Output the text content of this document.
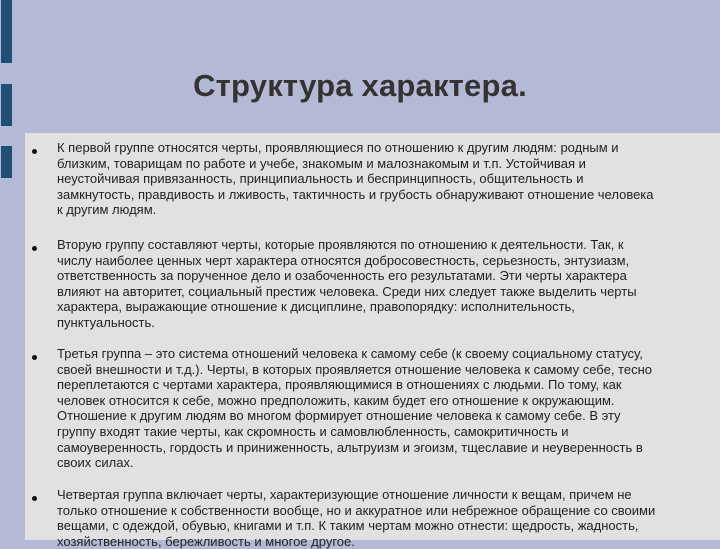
Структура характера.

К первой группе относятся черты, проявляющиеся по отношению к другим людям: родным и
близким, товарищам по работе и учебе, знакомым и малознакомым и т.п. Устойчивая и
неустойчивая привязанность, принципиальность и беспринципность, общительность и
замкнутость, правдивость и лживость, тактичность и грубость обнаруживают отношение человека
к другим людям.

Вторую группу составляют черты, которые проявляются по отношению к деятельности. Так, к
числу наиболее ценных черт характера относятся добросовестность, серьезность, энтузиазм,
ответственность за порученное дело и озабоченность его результатами. Эти черты характера
влияют на авторитет, социальный престиж человека. Среди них следует также выделить черты
характера, выражающие отношение к дисциплине, правопорядку: исполнительность,
пунктуальность.

Третья группа – это система отношений человека к самому себе (к своему социальному статусу,
своей внешности и т.д.). Черты, в которых проявляется отношение человека к самому себе, тесно
переплетаются с чертами характера, проявляющимися в отношениях с людьми. По тому, как
человек относится к себе, можно предположить, каким будет его отношение к окружающим.
Отношение к другим людям во многом формирует отношение человека к самому себе. В эту
группу входят такие черты, как скромность и самовлюбленность, самокритичность и
самоуверенность, гордость и приниженность, альтруизм и эгоизм, тщеславие и неуверенность в
своих силах.

Четвертая группа включает черты, характеризующие отношение личности к вещам, причем не
только отношение к собственности вообще, но и аккуратное или небрежное обращение со своими
вещами, с одеждой, обувью, книгами и т.п. К таким чертам можно отнести: щедрость, жадность,
хозяйственность, бережливость и многое другое.
